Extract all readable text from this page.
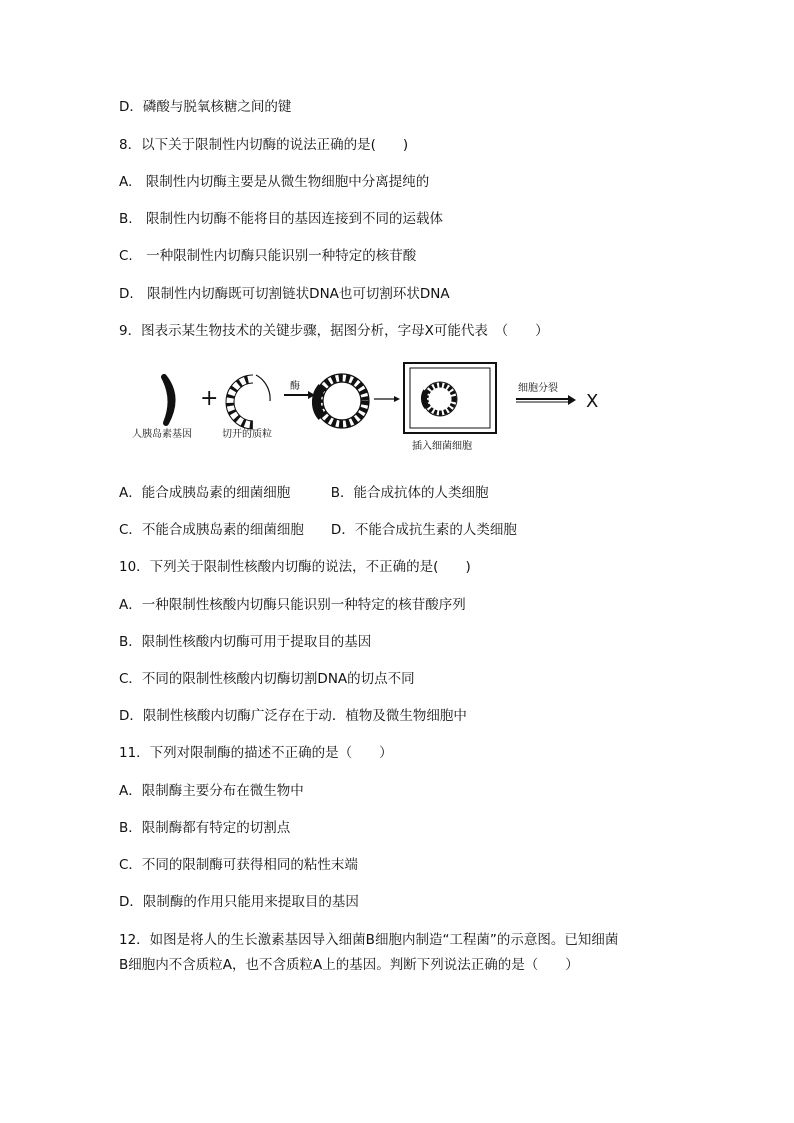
D．磷酸与脱氧核糖之间的键
8．以下关于限制性内切酶的说法正确的是(　　)
A.　限制性内切酶主要是从微生物细胞中分离提纯的
B.　限制性内切酶不能将目的基因连接到不同的运载体
C.　一种限制性内切酶只能识别一种特定的核苷酸
D.　限制性内切酶既可切割链状DNA也可切割环状DNA
9．图表示某生物技术的关键步骤，据图分析，字母X可能代表　（　　）
人胰岛素基因
+
切开的质粒
酶
插入细菌细胞
细胞分裂
X
A．能合成胰岛素的细菌细胞　　　B．能合成抗体的人类细胞
C．不能合成胰岛素的细菌细胞　　D．不能合成抗生素的人类细胞
10．下列关于限制性核酸内切酶的说法，不正确的是(　　)
A．一种限制性核酸内切酶只能识别一种特定的核苷酸序列
B．限制性核酸内切酶可用于提取目的基因
C．不同的限制性核酸内切酶切割DNA的切点不同
D．限制性核酸内切酶广泛存在于动．植物及微生物细胞中
11．下列对限制酶的描述不正确的是（　　）
A．限制酶主要分布在微生物中
B．限制酶都有特定的切割点
C．不同的限制酶可获得相同的粘性末端
D．限制酶的作用只能用来提取目的基因
12．如图是将人的生长激素基因导入细菌B细胞内制造“工程菌”的示意图。已知细菌
B细胞内不含质粒A，也不含质粒A上的基因。判断下列说法正确的是（　　）
